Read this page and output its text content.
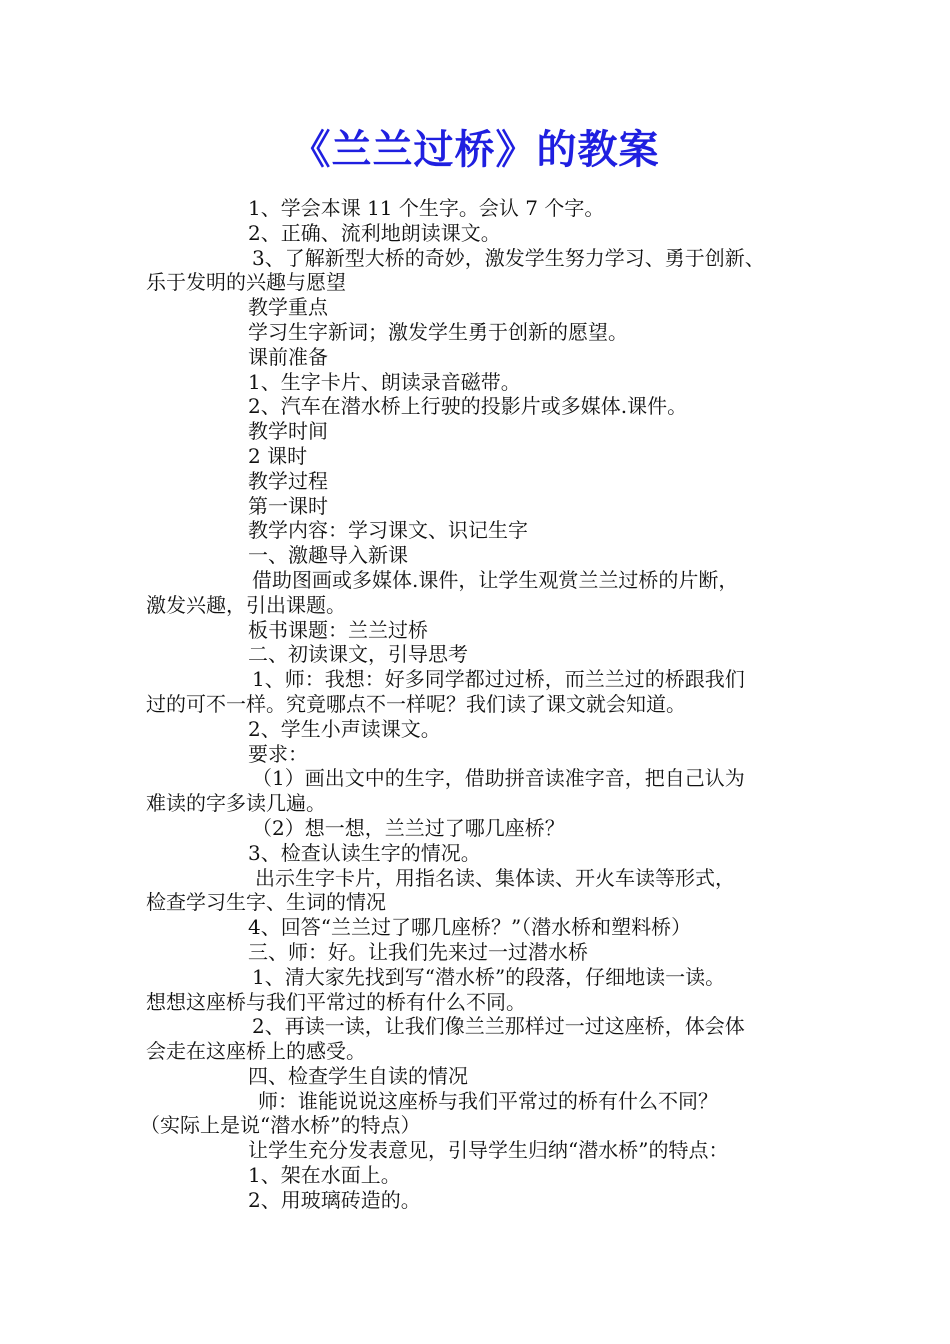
《兰兰过桥》的教案
1、学会本课 11 个生字。会认 7 个字。
2、正确、流利地朗读课文。
3、了解新型大桥的奇妙，激发学生努力学习、勇于创新、
乐于发明的兴趣与愿望
教学重点
学习生字新词；激发学生勇于创新的愿望。
课前准备
1、生字卡片、朗读录音磁带。
2、汽车在潜水桥上行驶的投影片或多媒体.课件。
教学时间
2 课时
教学过程
第一课时
教学内容：学习课文、识记生字
一、激趣导入新课
借助图画或多媒体.课件，让学生观赏兰兰过桥的片断，
激发兴趣，引出课题。
板书课题：兰兰过桥
二、初读课文，引导思考
1、师：我想：好多同学都过过桥，而兰兰过的桥跟我们
过的可不一样。究竟哪点不一样呢？我们读了课文就会知道。
2、学生小声读课文。
要求：
（1）画出文中的生字，借助拼音读准字音，把自己认为
难读的字多读几遍。
（2）想一想，兰兰过了哪几座桥？
3、检查认读生字的情况。
出示生字卡片，用指名读、集体读、开火车读等形式，
检查学习生字、生词的情况
4、回答“兰兰过了哪几座桥？”（潜水桥和塑料桥）
三、师：好。让我们先来过一过潜水桥
1、清大家先找到写“潜水桥”的段落，仔细地读一读。
想想这座桥与我们平常过的桥有什么不同。
2、再读一读，让我们像兰兰那样过一过这座桥，体会体
会走在这座桥上的感受。
四、检查学生自读的情况
师：谁能说说这座桥与我们平常过的桥有什么不同？
（实际上是说“潜水桥”的特点）
让学生充分发表意见，引导学生归纳“潜水桥”的特点：
1、架在水面上。
2、用玻璃砖造的。
